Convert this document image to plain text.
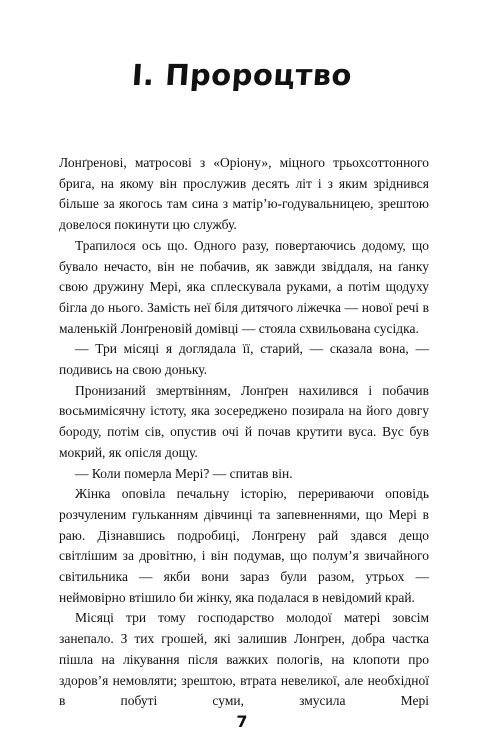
І. Пророцтво

Лонґренові, матросові з «Оріону», міцного трьохсоттонного брига, на якому він прослужив десять літ і з яким зріднився більше за якогось там сина з матір’ю-годувальницею, зрештою довелося покинути цю службу.

Трапилося ось що. Одного разу, повертаючись додому, що бувало нечасто, він не побачив, як завжди звіддаля, на ґанку свою дружину Мері, яка сплескувала руками, а потім щодуху бігла до нього. Замість неї біля дитячого ліжечка — нової речі в маленькій Лонґреновій домівці — стояла схвильована сусідка.

— Три місяці я доглядала її, старий, — сказала вона, — подивись на свою доньку.

Пронизаний змертвінням, Лонґрен нахилився і побачив восьмимісячну істоту, яка зосереджено позирала на його довгу бороду, потім сів, опустив очі й почав крутити вуса. Вус був мокрий, як опісля дощу.

— Коли померла Мері? — спитав він.

Жінка оповіла печальну історію, перериваючи оповідь розчуленим гульканням дівчинці та запевненнями, що Мері в раю. Дізнавшись подробиці, Лонґрену рай здався дещо світлішим за дровітню, і він подумав, що полум’я звичайного світильника — якби вони зараз були разом, утрьох — неймовірно втішило би жінку, яка подалася в невідомий край.

Місяці три тому господарство молодої матері зовсім занепало. З тих грошей, які залишив Лонґрен, добра частка пішла на лікування після важких пологів, на клопоти про здоров’я немовляти; зрештою, втрата невеликої, але необхідної в побуті суми, змусила Мері

7
